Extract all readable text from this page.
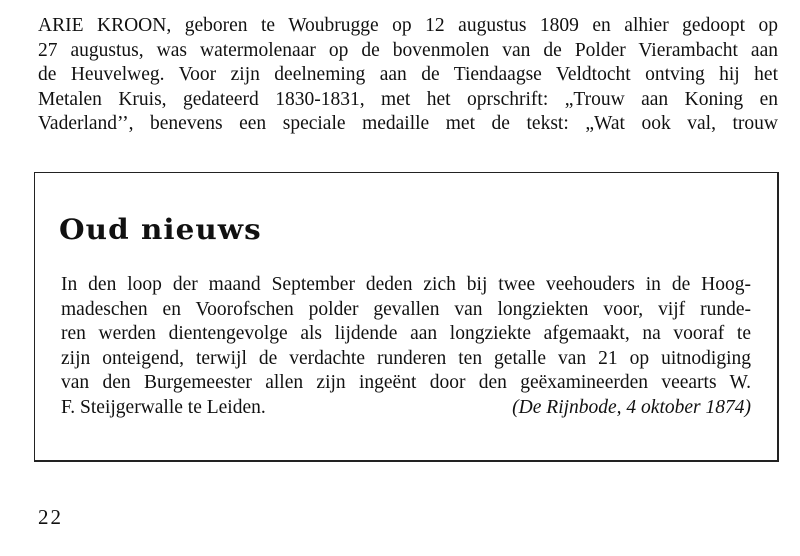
ARIE KROON, geboren te Woubrugge op 12 augustus 1809 en alhier gedoopt op
27 augustus, was watermolenaar op de bovenmolen van de Polder Vierambacht aan
de Heuvelweg. Voor zijn deelneming aan de Tiendaagse Veldtocht ontving hij het
Metalen Kruis, gedateerd 1830-1831, met het oprschrift: „Trouw aan Koning en
Vaderland’’, benevens een speciale medaille met de tekst: „Wat ook val, trouw
Oud nieuws
In den loop der maand September deden zich bij twee veehouders in de Hoog-
madeschen en Voorofschen polder gevallen van longziekten voor, vijf runde-
ren werden dientengevolge als lijdende aan longziekte afgemaakt, na vooraf te
zijn onteigend, terwijl de verdachte runderen ten getalle van 21 op uitnodiging
van den Burgemeester allen zijn ingeënt door den geëxamineerden veearts W.
F. Steijgerwalle te Leiden.	(De Rijnbode, 4 oktober 1874)
22
